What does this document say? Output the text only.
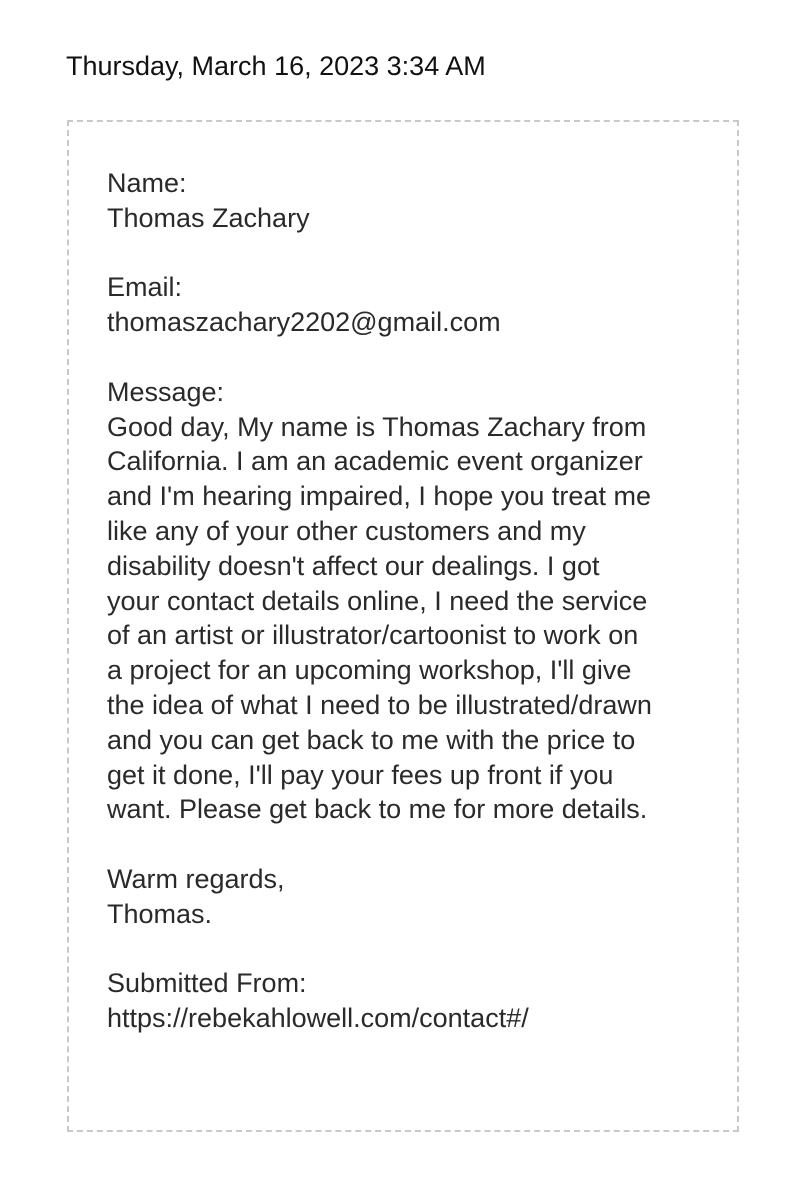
Thursday, March 16, 2023 3:34 AM
Name:
Thomas Zachary
Email:
thomaszachary2202@gmail.com
Message:
Good day, My name is Thomas Zachary from
California. I am an academic event organizer
and I'm hearing impaired, I hope you treat me
like any of your other customers and my
disability doesn't affect our dealings. I got
your contact details online, I need the service
of an artist or illustrator/cartoonist to work on
a project for an upcoming workshop, I'll give
the idea of what I need to be illustrated/drawn
and you can get back to me with the price to
get it done, I'll pay your fees up front if you
want. Please get back to me for more details.
Warm regards,
Thomas.
Submitted From:
https://rebekahlowell.com/contact#/
